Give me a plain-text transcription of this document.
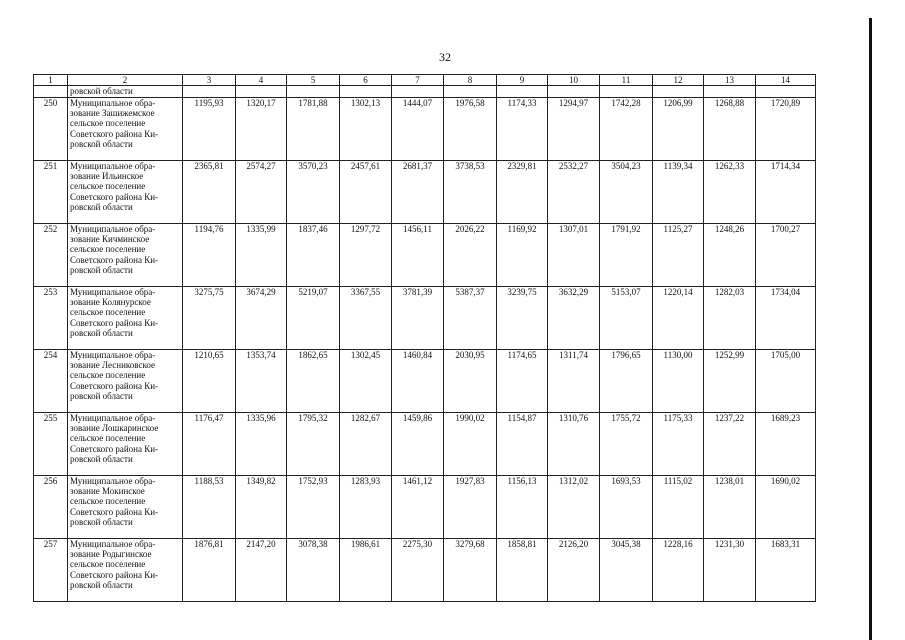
32
1	2	3	4	5	6	7	8	9	10	11	12	13	14
	ровской области												
250	Муниципальное обра-
зование Зашижемское
сельское поселение
Советского района Ки-
ровской области	1195,93	1320,17	1781,88	1302,13	1444,07	1976,58	1174,33	1294,97	1742,28	1206,99	1268,88	1720,89
251	Муниципальное обра-
зование Ильинское
сельское поселение
Советского района Ки-
ровской области	2365,81	2574,27	3570,23	2457,61	2681,37	3738,53	2329,81	2532,27	3504,23	1139,34	1262,33	1714,34
252	Муниципальное обра-
зование Кичминское
сельское поселение
Советского района Ки-
ровской области	1194,76	1335,99	1837,46	1297,72	1456,11	2026,22	1169,92	1307,01	1791,92	1125,27	1248,26	1700,27
253	Муниципальное обра-
зование Колянурское
сельское поселение
Советского района Ки-
ровской области	3275,75	3674,29	5219,07	3367,55	3781,39	5387,37	3239,75	3632,29	5153,07	1220,14	1282,03	1734,04
254	Муниципальное обра-
зование Лесниковское
сельское поселение
Советского района Ки-
ровской области	1210,65	1353,74	1862,65	1302,45	1460,84	2030,95	1174,65	1311,74	1796,65	1130,00	1252,99	1705,00
255	Муниципальное обра-
зование Лошкаринское
сельское поселение
Советского района Ки-
ровской области	1176,47	1335,96	1795,32	1282,67	1459,86	1990,02	1154,87	1310,76	1755,72	1175,33	1237,22	1689,23
256	Муниципальное обра-
зование Мокинское
сельское поселение
Советского района Ки-
ровской области	1188,53	1349,82	1752,93	1283,93	1461,12	1927,83	1156,13	1312,02	1693,53	1115,02	1238,01	1690,02
257	Муниципальное обра-
зование Родыгинское
сельское поселение
Советского района Ки-
ровской области	1876,81	2147,20	3078,38	1986,61	2275,30	3279,68	1858,81	2126,20	3045,38	1228,16	1231,30	1683,31
